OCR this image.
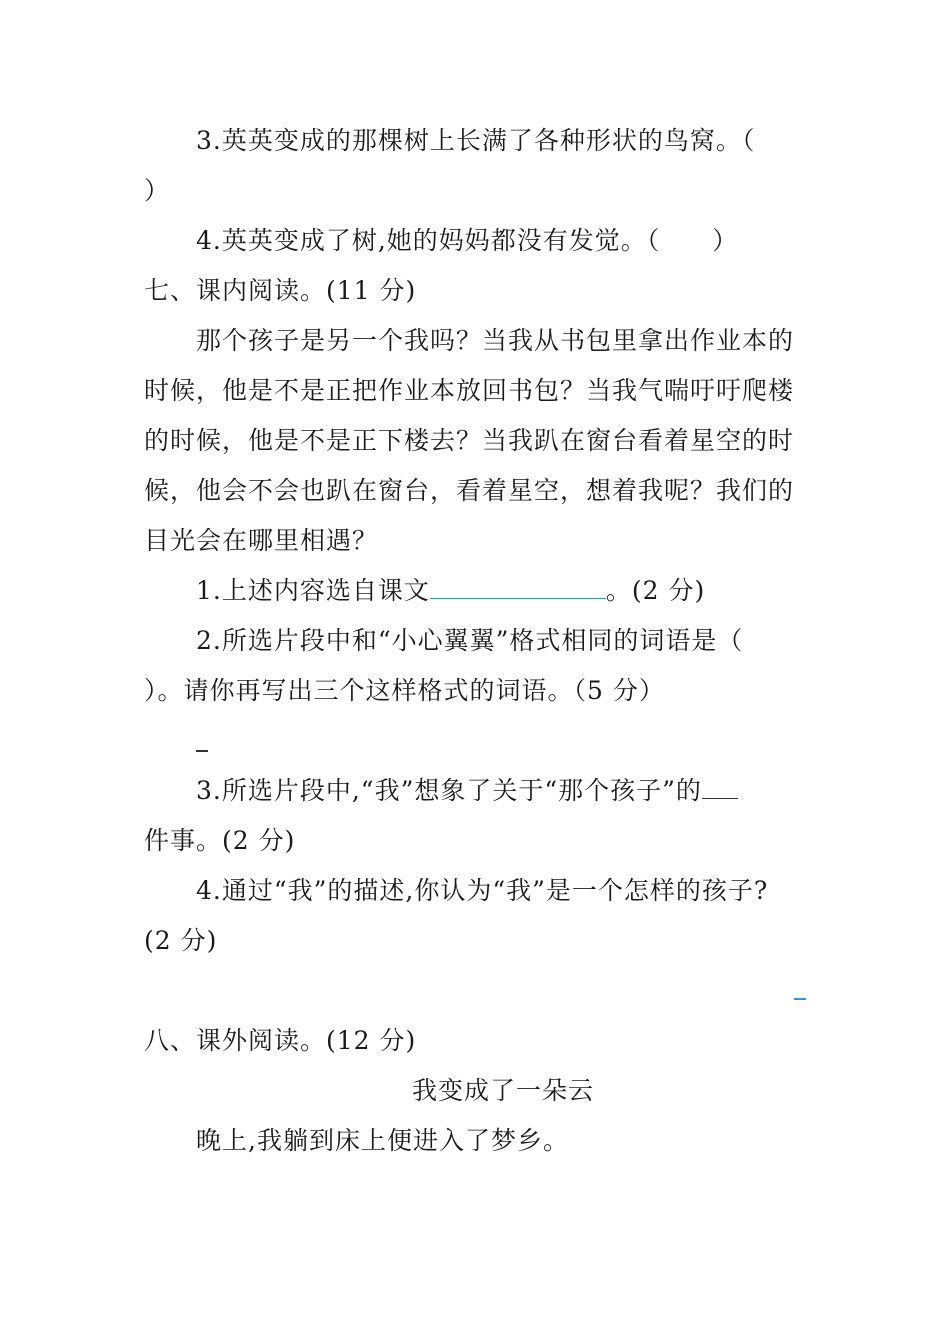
3.英英变成的那棵树上长满了各种形状的鸟窝。（
）
4.英英变成了树,她的妈妈都没有发觉。（　　）
七、课内阅读。(11 分)
那个孩子是另一个我吗？当我从书包里拿出作业本的
时候，他是不是正把作业本放回书包？当我气喘吁吁爬楼
的时候，他是不是正下楼去？当我趴在窗台看着星空的时
候，他会不会也趴在窗台，看着星空，想着我呢？我们的
目光会在哪里相遇？
1.上述内容选自课文	。(2 分)
2.所选片段中和“小心翼翼”格式相同的词语是（
）。请你再写出三个这样格式的词语。（5 分）
3.所选片段中,“我”想象了关于“那个孩子”的
件事。(2 分)
4.通过“我”的描述,你认为“我”是一个怎样的孩子?
(2 分)
八、课外阅读。(12 分)
我变成了一朵云
晚上,我躺到床上便进入了梦乡。
